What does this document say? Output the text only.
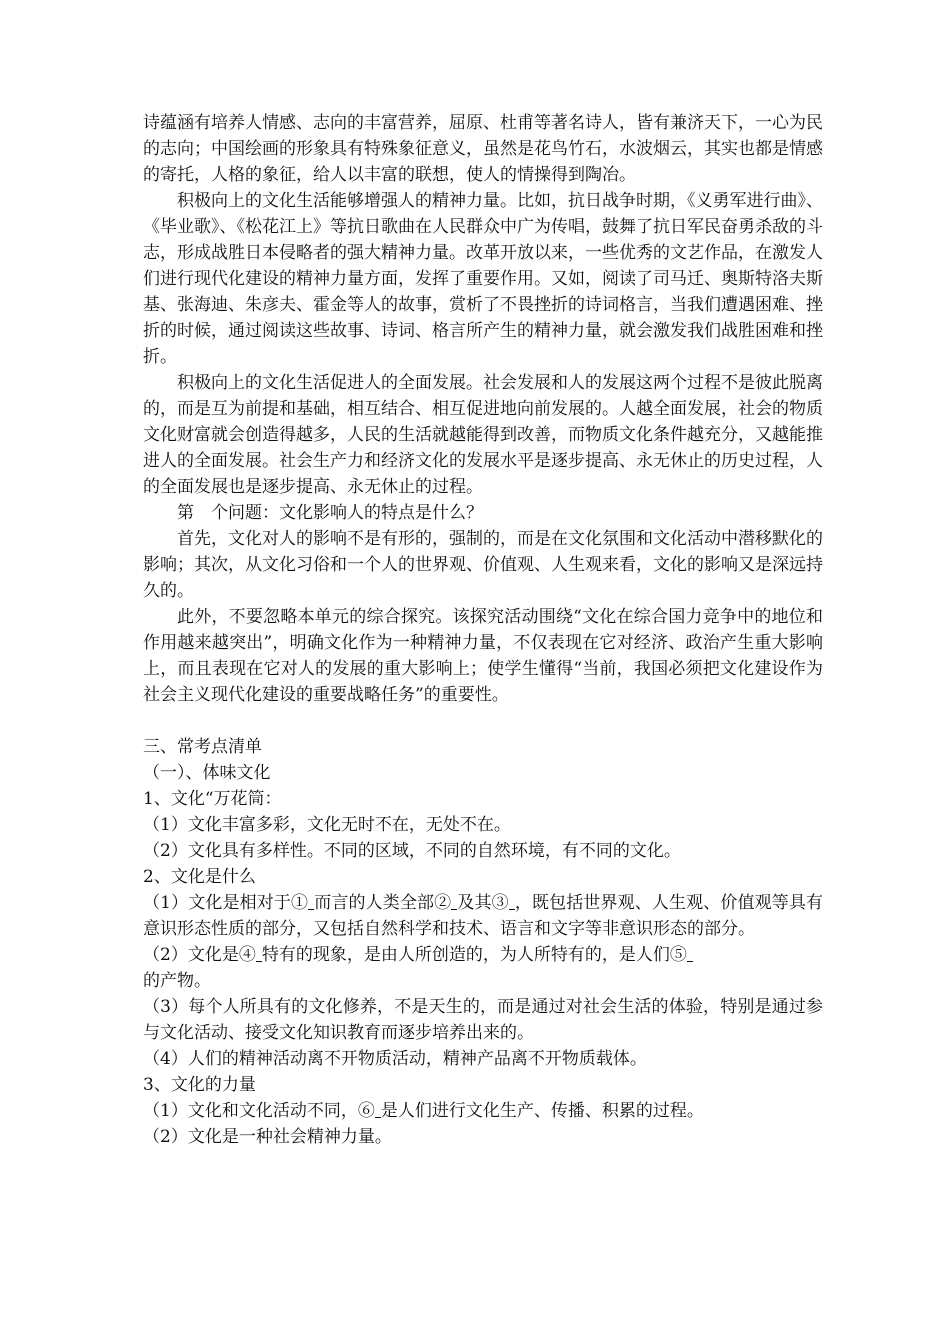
诗蕴涵有培养人情感、志向的丰富营养，屈原、杜甫等著名诗人，皆有兼济天下，一心为民的志向；中国绘画的形象具有特殊象征意义，虽然是花鸟竹石，水波烟云，其实也都是情感的寄托，人格的象征，给人以丰富的联想，使人的情操得到陶冶。

积极向上的文化生活能够增强人的精神力量。比如，抗日战争时期，《义勇军进行曲》、《毕业歌》、《松花江上》等抗日歌曲在人民群众中广为传唱，鼓舞了抗日军民奋勇杀敌的斗志，形成战胜日本侵略者的强大精神力量。改革开放以来，一些优秀的文艺作品，在激发人们进行现代化建设的精神力量方面，发挥了重要作用。又如，阅读了司马迁、奥斯特洛夫斯基、张海迪、朱彦夫、霍金等人的故事，赏析了不畏挫折的诗词格言，当我们遭遇困难、挫折的时候，通过阅读这些故事、诗词、格言所产生的精神力量，就会激发我们战胜困难和挫折。

积极向上的文化生活促进人的全面发展。社会发展和人的发展这两个过程不是彼此脱离的，而是互为前提和基础，相互结合、相互促进地向前发展的。人越全面发展，社会的物质文化财富就会创造得越多，人民的生活就越能得到改善，而物质文化条件越充分，又越能推进人的全面发展。社会生产力和经济文化的发展水平是逐步提高、永无休止的历史过程，人的全面发展也是逐步提高、永无休止的过程。

第　个问题：文化影响人的特点是什么？

首先，文化对人的影响不是有形的，强制的，而是在文化氛围和文化活动中潜移默化的影响；其次，从文化习俗和一个人的世界观、价值观、人生观来看，文化的影响又是深远持久的。

此外，不要忽略本单元的综合探究。该探究活动围绕“文化在综合国力竞争中的地位和作用越来越突出”，明确文化作为一种精神力量，不仅表现在它对经济、政治产生重大影响上，而且表现在它对人的发展的重大影响上；使学生懂得“当前，我国必须把文化建设作为社会主义现代化建设的重要战略任务”的重要性。

三、常考点清单

（一）、体味文化

1、文化“万花筒：

（1）文化丰富多彩，文化无时不在，无处不在。

（2）文化具有多样性。不同的区域，不同的自然环境，有不同的文化。

2、文化是什么

（1）文化是相对于① 而言的人类全部② 及其③ ，既包括世界观、人生观、价值观等具有意识形态性质的部分，又包括自然科学和技术、语言和文字等非意识形态的部分。

（2）文化是④ 特有的现象，是由人所创造的，为人所特有的，是人们⑤
的产物。

（3）每个人所具有的文化修养，不是天生的，而是通过对社会生活的体验，特别是通过参与文化活动、接受文化知识教育而逐步培养出来的。

（4）人们的精神活动离不开物质活动，精神产品离不开物质载体。

3、文化的力量

（1）文化和文化活动不同，⑥ 是人们进行文化生产、传播、积累的过程。

（2）文化是一种社会精神力量。
